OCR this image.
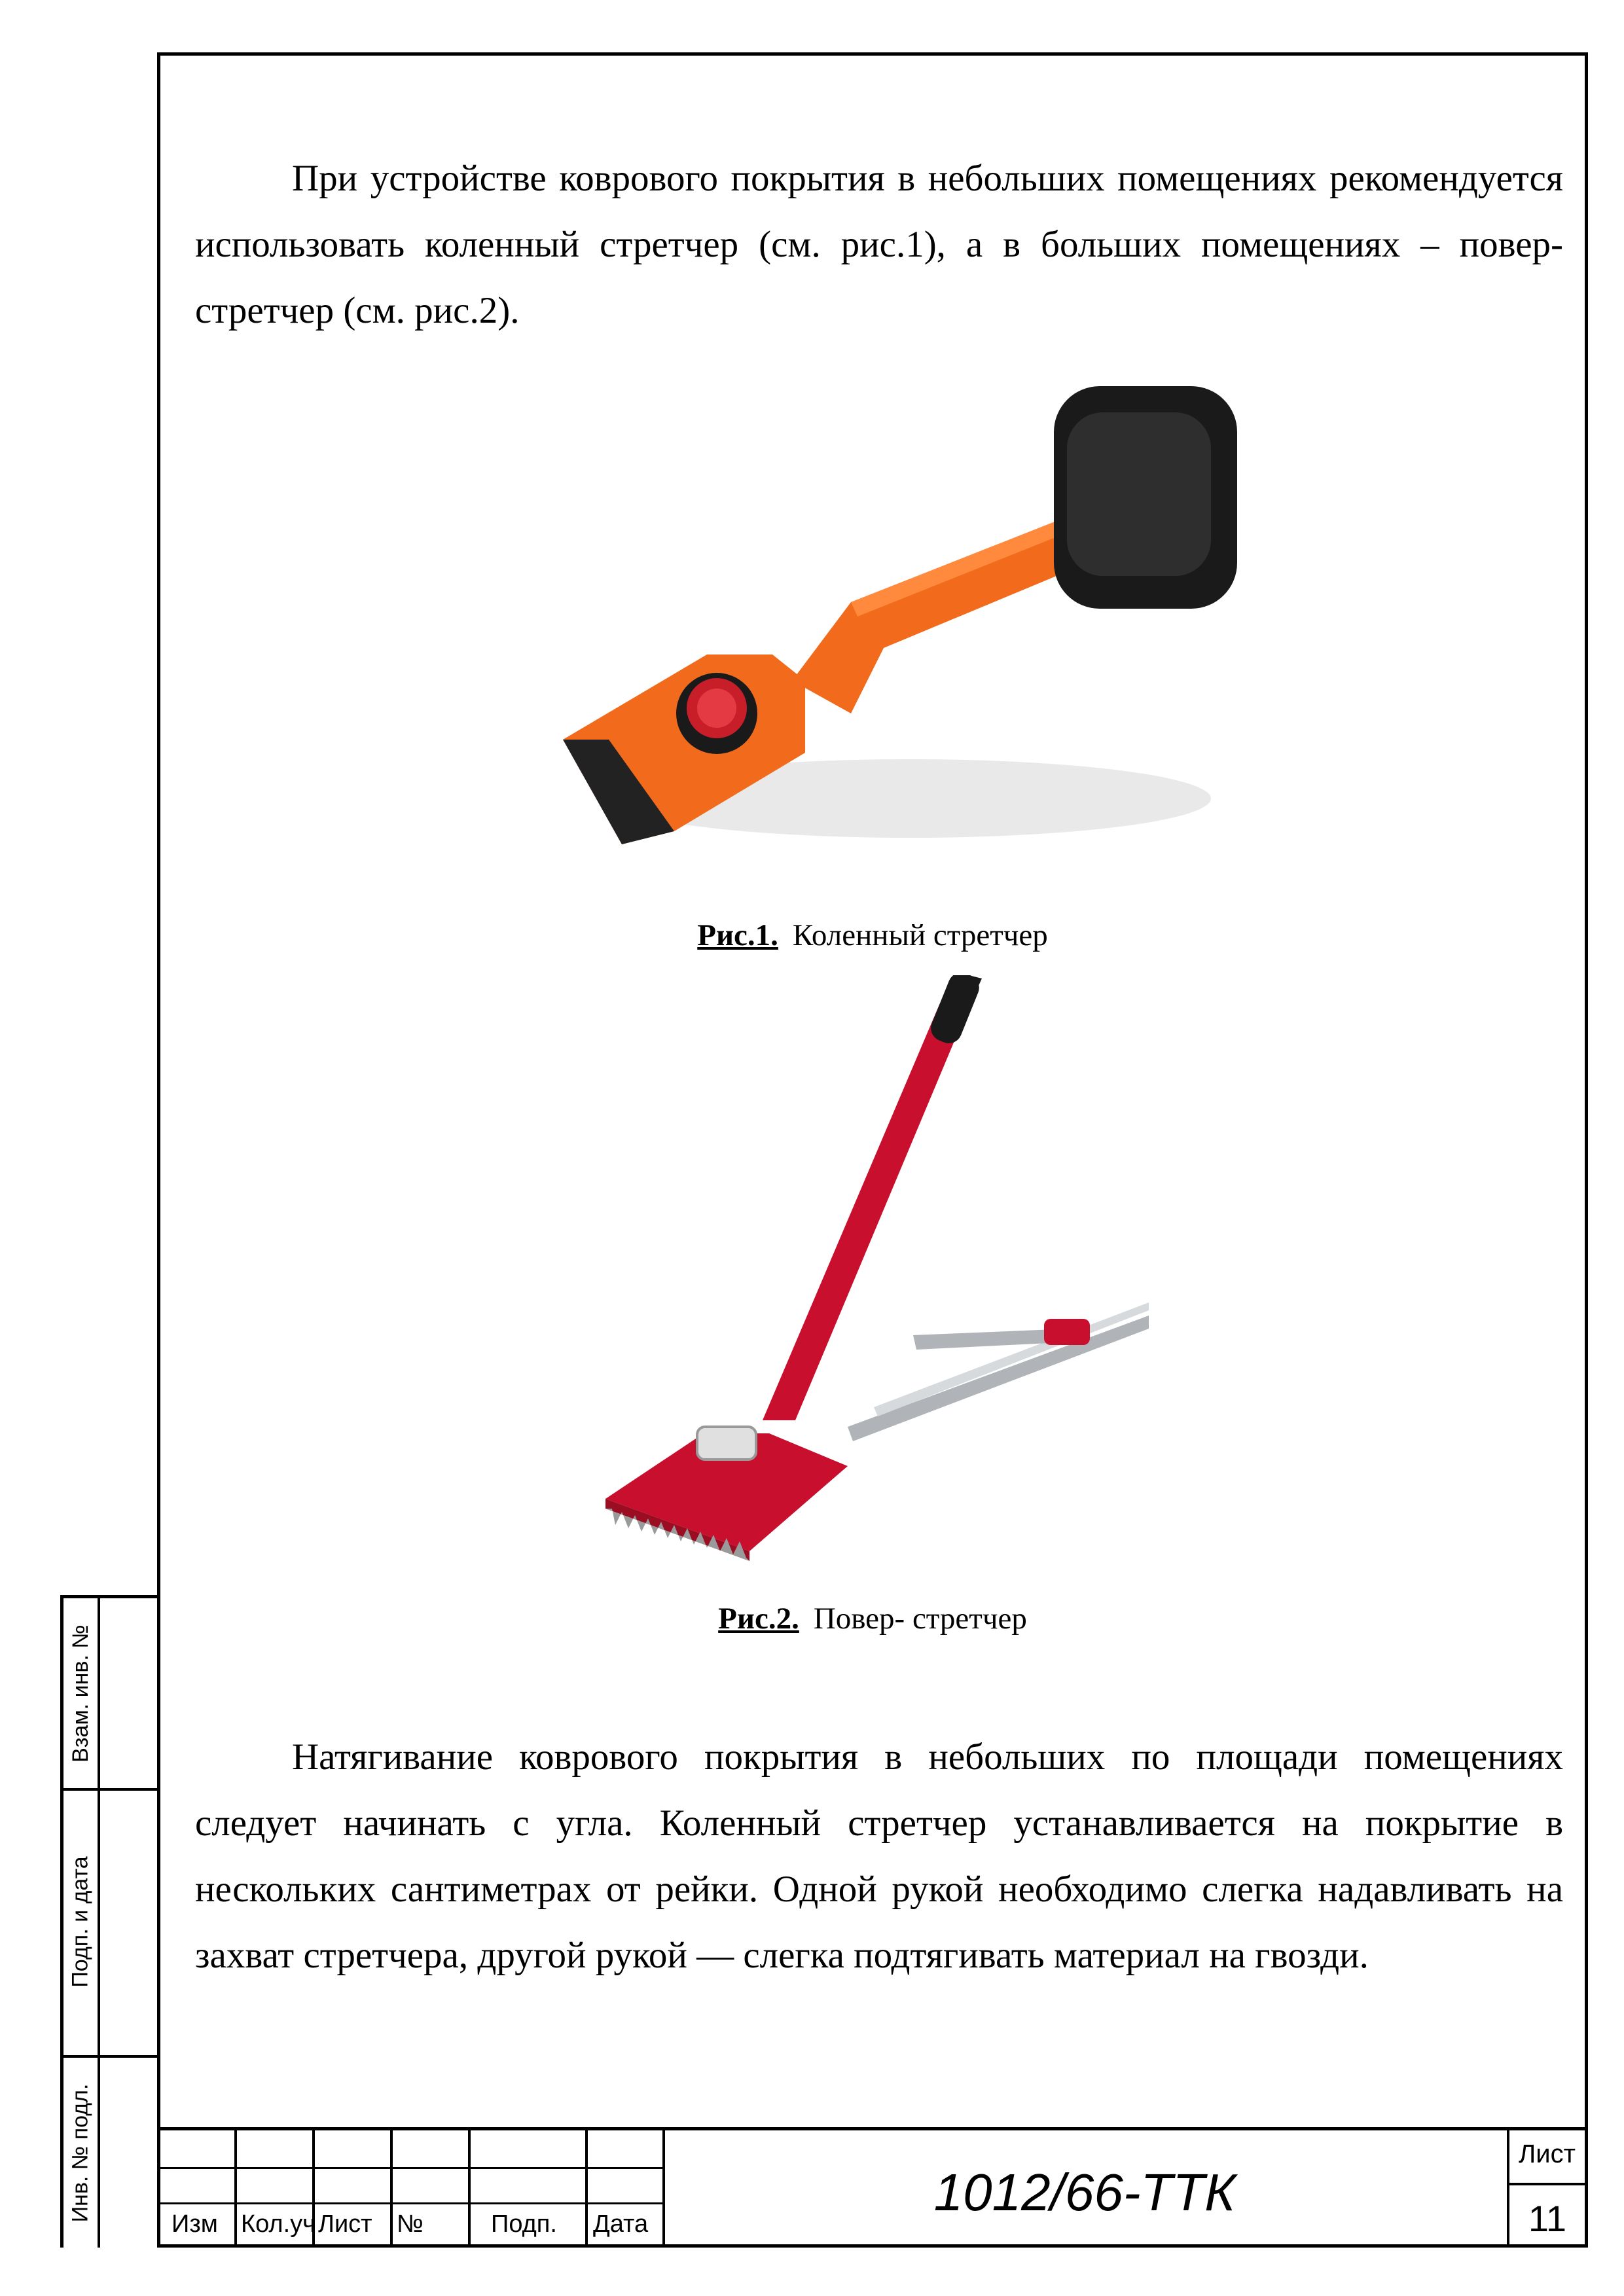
При устройстве коврового покрытия в небольших помещениях рекомендуется использовать коленный стретчер (см. рис.1), а в больших помещениях – повер-стретчер (см. рис.2).

Рис.1. Коленный стретчер
Рис.2. Повер- стретчер

Натягивание коврового покрытия в небольших по площади помещениях следует начинать с угла. Коленный стретчер устанавливается на покрытие в нескольких сантиметрах от рейки. Одной рукой необходимо слегка надавливать на захват стретчера, другой рукой — слегка подтягивать материал на гвозди.

Взам. инв. №
Подп. и дата
Инв. № подл.
Изм Кол.уч Лист №	Подп. Дата
1012/66-ТТК
Лист
11
